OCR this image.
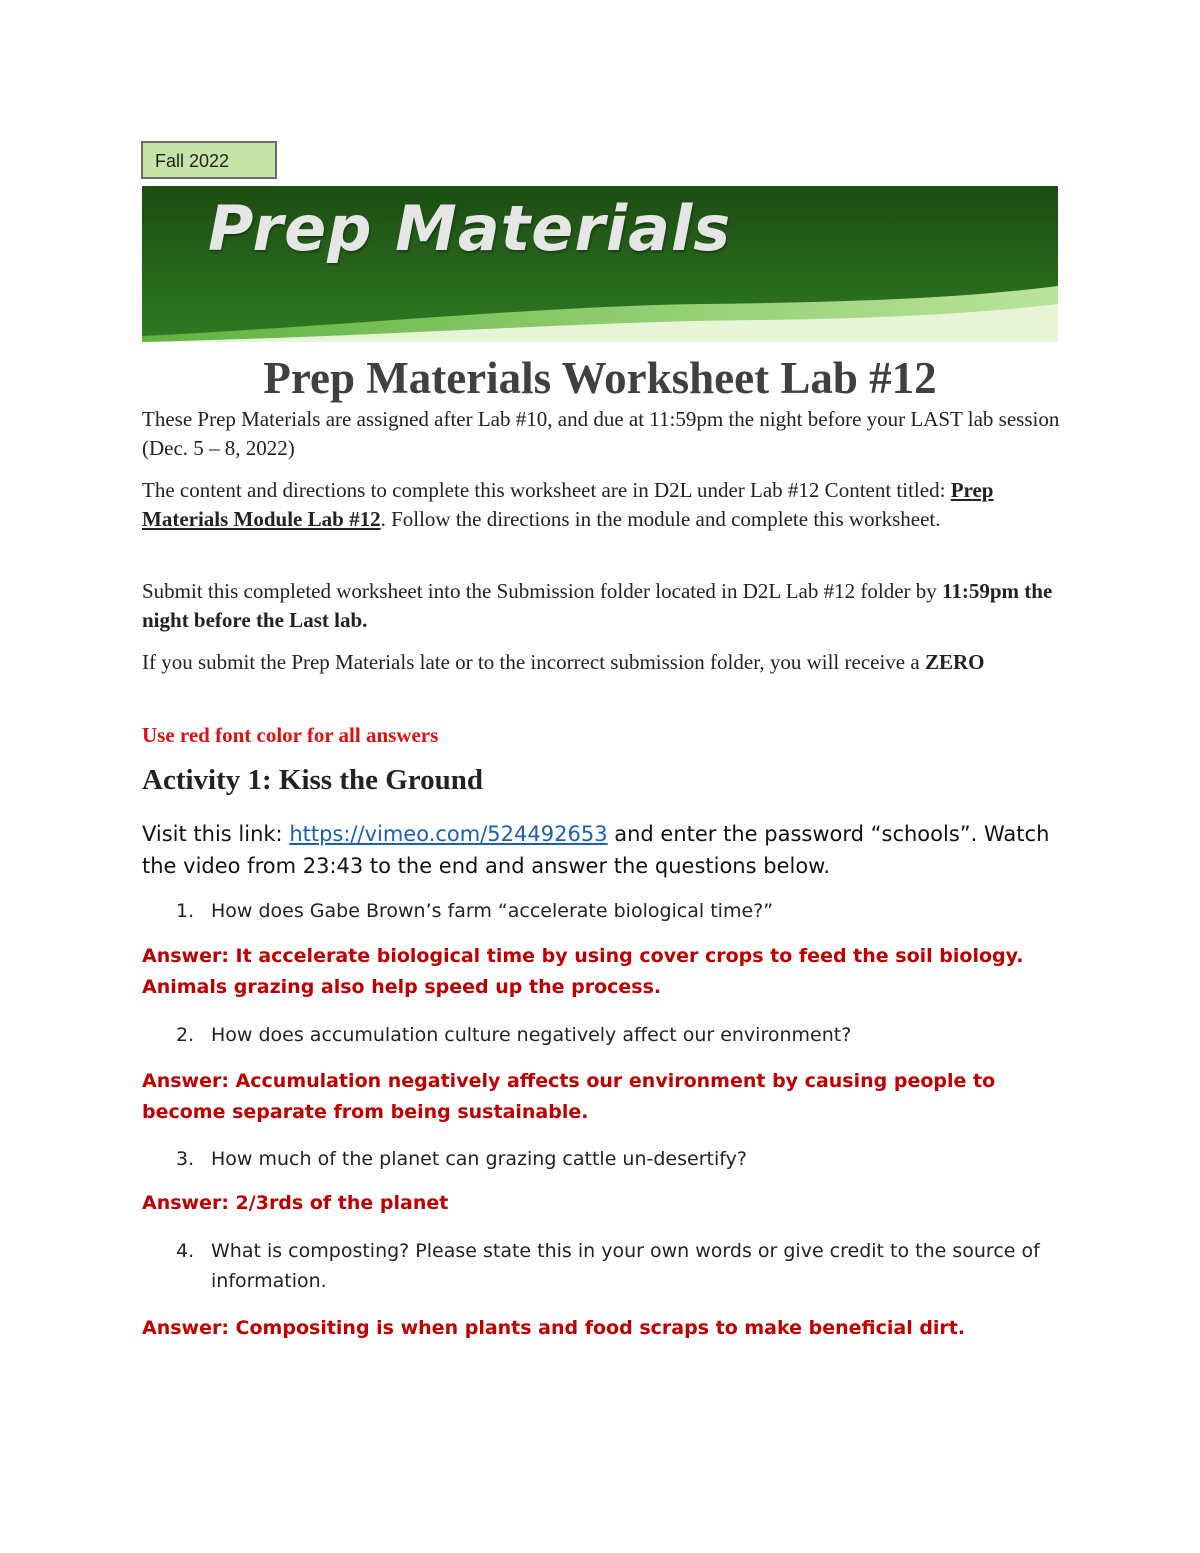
Fall 2022
Prep Materials
Prep Materials Worksheet Lab #12

These Prep Materials are assigned after Lab #10, and due at 11:59pm the night before your LAST lab session (Dec. 5 – 8, 2022)

The content and directions to complete this worksheet are in D2L under Lab #12 Content titled: Prep Materials Module Lab #12. Follow the directions in the module and complete this worksheet.

Submit this completed worksheet into the Submission folder located in D2L Lab #12 folder by 11:59pm the night before the Last lab.

If you submit the Prep Materials late or to the incorrect submission folder, you will receive a ZERO

Use red font color for all answers
Activity 1: Kiss the Ground
Visit this link: https://vimeo.com/524492653 and enter the password “schools”. Watch the video from 23:43 to the end and answer the questions below.
1. How does Gabe Brown’s farm “accelerate biological time?”
Answer: It accelerate biological time by using cover crops to feed the soil biology. Animals grazing also help speed up the process.
2. How does accumulation culture negatively affect our environment?
Answer: Accumulation negatively affects our environment by causing people to become separate from being sustainable.
3. How much of the planet can grazing cattle un-desertify?
Answer: 2/3rds of the planet
4. What is composting? Please state this in your own words or give credit to the source of information.
Answer: Compositing is when plants and food scraps to make beneficial dirt.
